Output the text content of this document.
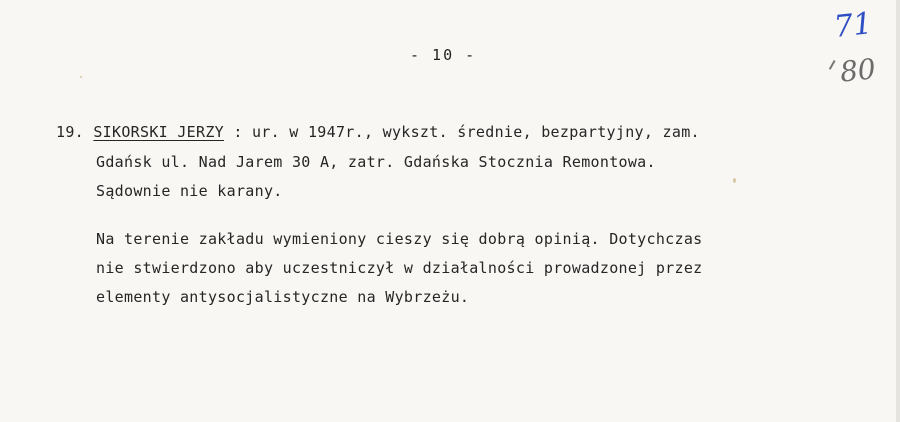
- 10 -
71
80
19. SIKORSKI JERZY : ur. w 1947r., wykszt. średnie, bezpartyjny, zam.
Gdańsk ul. Nad Jarem 30 A, zatr. Gdańska Stocznia Remontowa.
Sądownie nie karany.
Na terenie zakładu wymieniony cieszy się dobrą opinią. Dotychczas
nie stwierdzono aby uczestniczył w działalności prowadzonej przez
elementy antysocjalistyczne na Wybrzeżu.
